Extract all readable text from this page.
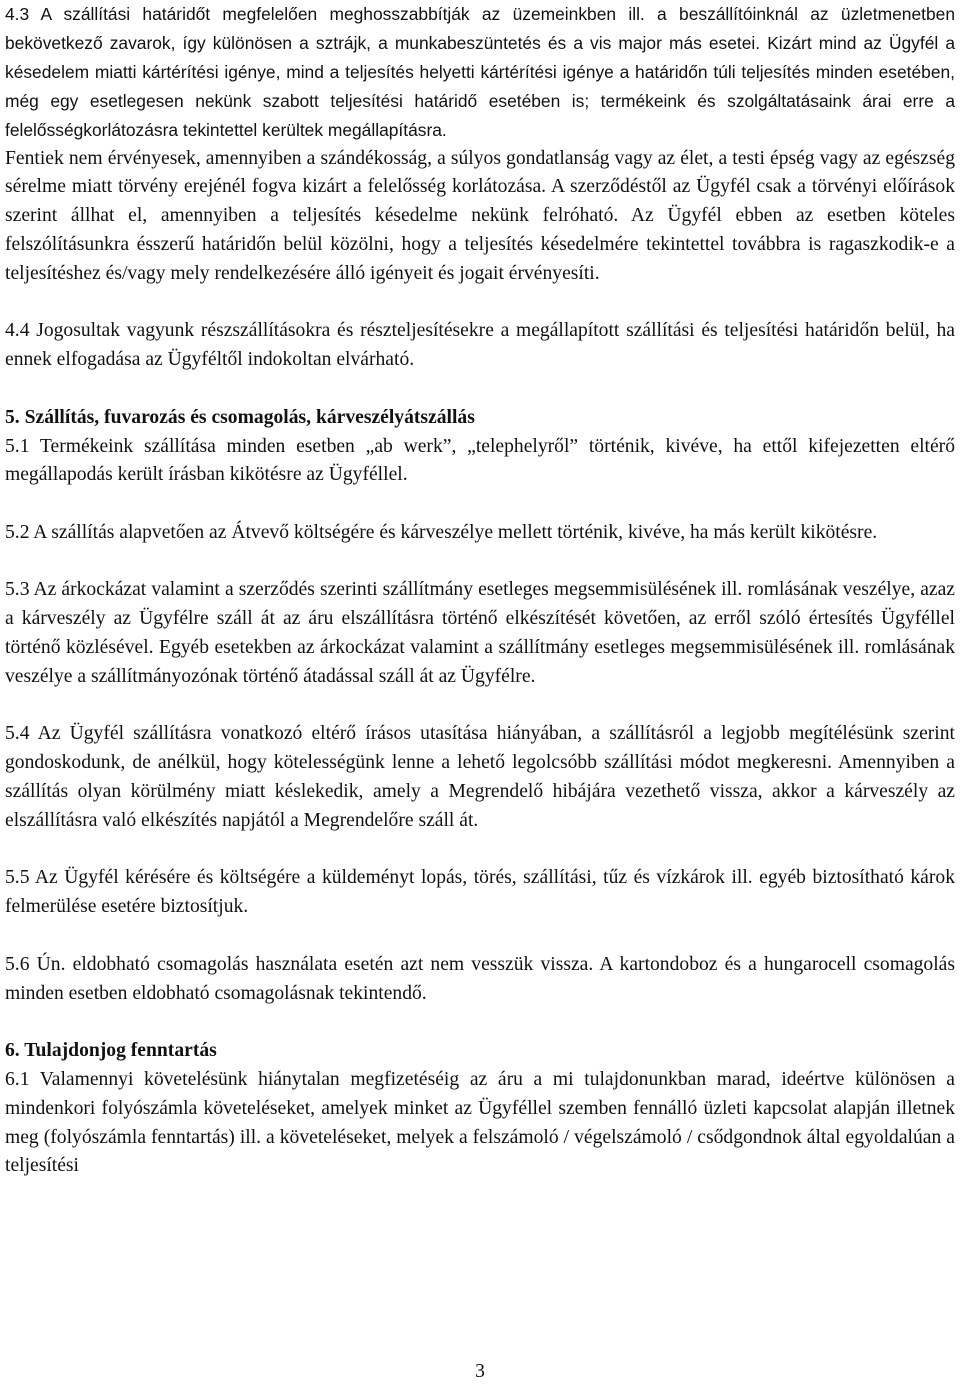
4.3 A szállítási határidőt megfelelően meghosszabbítják az üzemeinkben ill. a beszállítóinknál az üzletmenetben bekövetkező zavarok, így különösen a sztrájk, a munkabeszüntetés és a vis major más esetei. Kizárt mind az Ügyfél a késedelem miatti kártérítési igénye, mind a teljesítés helyetti kártérítési igénye a határidőn túli teljesítés minden esetében, még egy esetlegesen nekünk szabott teljesítési határidő esetében is; termékeink és szolgáltatásaink árai erre a felelősségkorlátozásra tekintettel kerültek megállapításra.

Fentiek nem érvényesek, amennyiben a szándékosság, a súlyos gondatlanság vagy az élet, a testi épség vagy az egészség sérelme miatt törvény erejénél fogva kizárt a felelősség korlátozása. A szerződéstől az Ügyfél csak a törvényi előírások szerint állhat el, amennyiben a teljesítés késedelme nekünk felróható. Az Ügyfél ebben az esetben köteles felszólításunkra ésszerű határidőn belül közölni, hogy a teljesítés késedelmére tekintettel továbbra is ragaszkodik-e a teljesítéshez és/vagy mely rendelkezésére álló igényeit és jogait érvényesíti.

4.4 Jogosultak vagyunk részszállításokra és részteljesítésekre a megállapított szállítási és teljesítési határidőn belül, ha ennek elfogadása az Ügyféltől indokoltan elvárható.

5. Szállítás, fuvarozás és csomagolás, kárveszélyátszállás

5.1 Termékeink szállítása minden esetben „ab werk”, „telephelyről” történik, kivéve, ha ettől kifejezetten eltérő megállapodás került írásban kikötésre az Ügyféllel.

5.2 A szállítás alapvetően az Átvevő költségére és kárveszélye mellett történik, kivéve, ha más került kikötésre.

5.3 Az árkockázat valamint a szerződés szerinti szállítmány esetleges megsemmisülésének ill. romlásának veszélye, azaz a kárveszély az Ügyfélre száll át az áru elszállításra történő elkészítését követően, az erről szóló értesítés Ügyféllel történő közlésével. Egyéb esetekben az árkockázat valamint a szállítmány esetleges megsemmisülésének ill. romlásának veszélye a szállítmányozónak történő átadással száll át az Ügyfélre.

5.4 Az Ügyfél szállításra vonatkozó eltérő írásos utasítása hiányában, a szállításról a legjobb megítélésünk szerint gondoskodunk, de anélkül, hogy kötelességünk lenne a lehető legolcsóbb szállítási módot megkeresni. Amennyiben a szállítás olyan körülmény miatt késlekedik, amely a Megrendelő hibájára vezethető vissza, akkor a kárveszély az elszállításra való elkészítés napjától a Megrendelőre száll át.

5.5 Az Ügyfél kérésére és költségére a küldeményt lopás, törés, szállítási, tűz és vízkárok ill. egyéb biztosítható károk felmerülése esetére biztosítjuk.

5.6 Ún. eldobható csomagolás használata esetén azt nem vesszük vissza. A kartondoboz és a hungarocell csomagolás minden esetben eldobható csomagolásnak tekintendő.

6. Tulajdonjog fenntartás

6.1 Valamennyi követelésünk hiánytalan megfizetéséig az áru a mi tulajdonunkban marad, ideértve különösen a mindenkori folyószámla követeléseket, amelyek minket az Ügyféllel szemben fennálló üzleti kapcsolat alapján illetnek meg (folyószámla fenntartás) ill. a követeléseket, melyek a felszámoló / végelszámoló / csődgondnok által egyoldalúan a teljesítési

3
